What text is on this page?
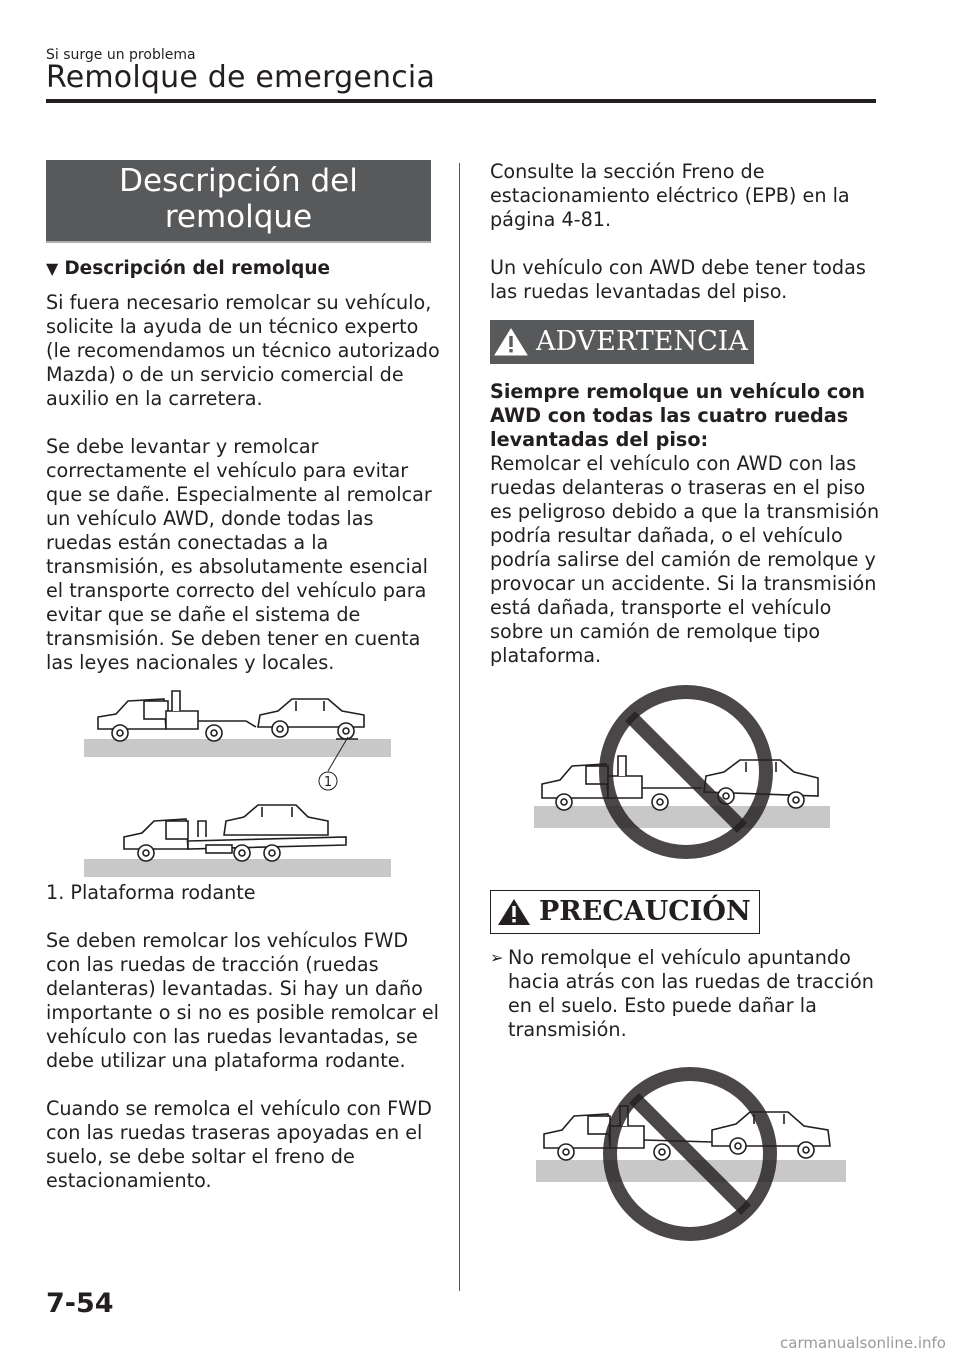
Si surge un problema
Remolque de emergencia
Descripción del
remolque
▼ Descripción del remolque

Si fuera necesario remolcar su vehículo, solicite la ayuda de un técnico experto (le recomendamos un técnico autorizado Mazda) o de un servicio comercial de auxilio en la carretera.

Se debe levantar y remolcar correctamente el vehículo para evitar que se dañe. Especialmente al remolcar un vehículo AWD, donde todas las ruedas están conectadas a la transmisión, es absolutamente esencial el transporte correcto del vehículo para evitar que se dañe el sistema de transmisión. Se deben tener en cuenta las leyes nacionales y locales.

1

1. Plataforma rodante

Se deben remolcar los vehículos FWD con las ruedas de tracción (ruedas delanteras) levantadas. Si hay un daño importante o si no es posible remolcar el vehículo con las ruedas levantadas, se debe utilizar una plataforma rodante.

Cuando se remolca el vehículo con FWD con las ruedas traseras apoyadas en el suelo, se debe soltar el freno de estacionamiento.

Consulte la sección Freno de estacionamiento eléctrico (EPB) en la página 4-81.

Un vehículo con AWD debe tener todas las ruedas levantadas del piso.

ADVERTENCIA

Siempre remolque un vehículo con AWD con todas las cuatro ruedas levantadas del piso:

Remolcar el vehículo con AWD con las ruedas delanteras o traseras en el piso es peligroso debido a que la transmisión podría resultar dañada, o el vehículo podría salirse del camión de remolque y provocar un accidente. Si la transmisión está dañada, transporte el vehículo sobre un camión de remolque tipo plataforma.

PRECAUCIÓN
➢ No remolque el vehículo apuntando hacia atrás con las ruedas de tracción en el suelo. Esto puede dañar la transmisión.
7-54
carmanualsonline.info
